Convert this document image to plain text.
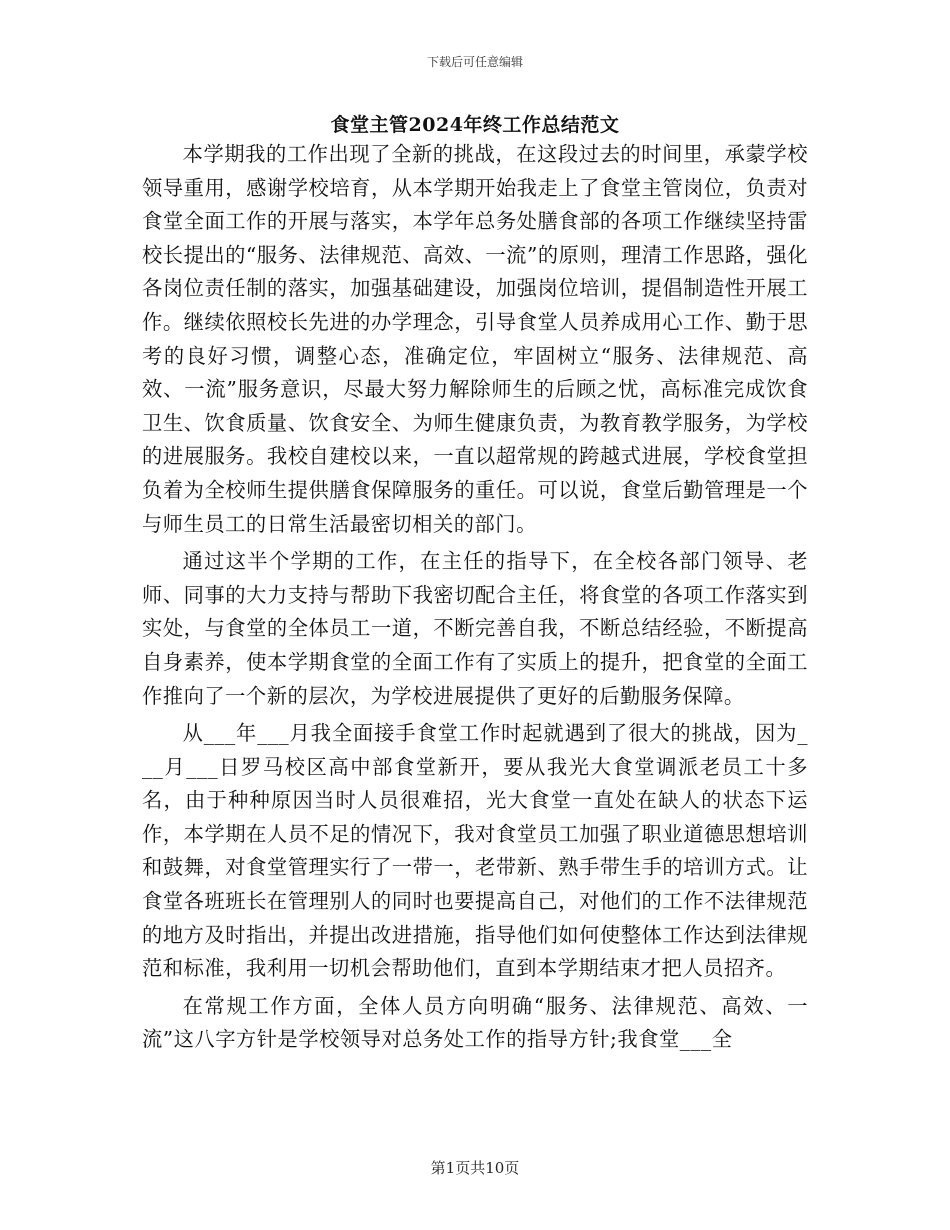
下载后可任意编辑
食堂主管2024年终工作总结范文

本学期我的工作出现了全新的挑战，在这段过去的时间里，承蒙学校领导重用，感谢学校培育，从本学期开始我走上了食堂主管岗位，负责对食堂全面工作的开展与落实，本学年总务处膳食部的各项工作继续坚持雷校长提出的“服务、法律规范、高效、一流”的原则，理清工作思路，强化各岗位责任制的落实，加强基础建设，加强岗位培训，提倡制造性开展工作。继续依照校长先进的办学理念，引导食堂人员养成用心工作、勤于思考的良好习惯，调整心态，准确定位，牢固树立“服务、法律规范、高效、一流”服务意识，尽最大努力解除师生的后顾之忧，高标准完成饮食卫生、饮食质量、饮食安全、为师生健康负责，为教育教学服务，为学校的进展服务。我校自建校以来，一直以超常规的跨越式进展，学校食堂担负着为全校师生提供膳食保障服务的重任。可以说，食堂后勤管理是一个与师生员工的日常生活最密切相关的部门。

通过这半个学期的工作，在主任的指导下，在全校各部门领导、老师、同事的大力支持与帮助下我密切配合主任，将食堂的各项工作落实到实处，与食堂的全体员工一道，不断完善自我，不断总结经验，不断提高自身素养，使本学期食堂的全面工作有了实质上的提升，把食堂的全面工作推向了一个新的层次，为学校进展提供了更好的后勤服务保障。

从___年___月我全面接手食堂工作时起就遇到了很大的挑战，因为___月___日罗马校区高中部食堂新开，要从我光大食堂调派老员工十多名，由于种种原因当时人员很难招，光大食堂一直处在缺人的状态下运作，本学期在人员不足的情况下，我对食堂员工加强了职业道德思想培训和鼓舞，对食堂管理实行了一带一，老带新、熟手带生手的培训方式。让食堂各班班长在管理别人的同时也要提高自己，对他们的工作不法律规范的地方及时指出，并提出改进措施，指导他们如何使整体工作达到法律规范和标准，我利用一切机会帮助他们，直到本学期结束才把人员招齐。

在常规工作方面，全体人员方向明确“服务、法律规范、高效、一流”这八字方针是学校领导对总务处工作的指导方针;我食堂___全

第1页共10页
